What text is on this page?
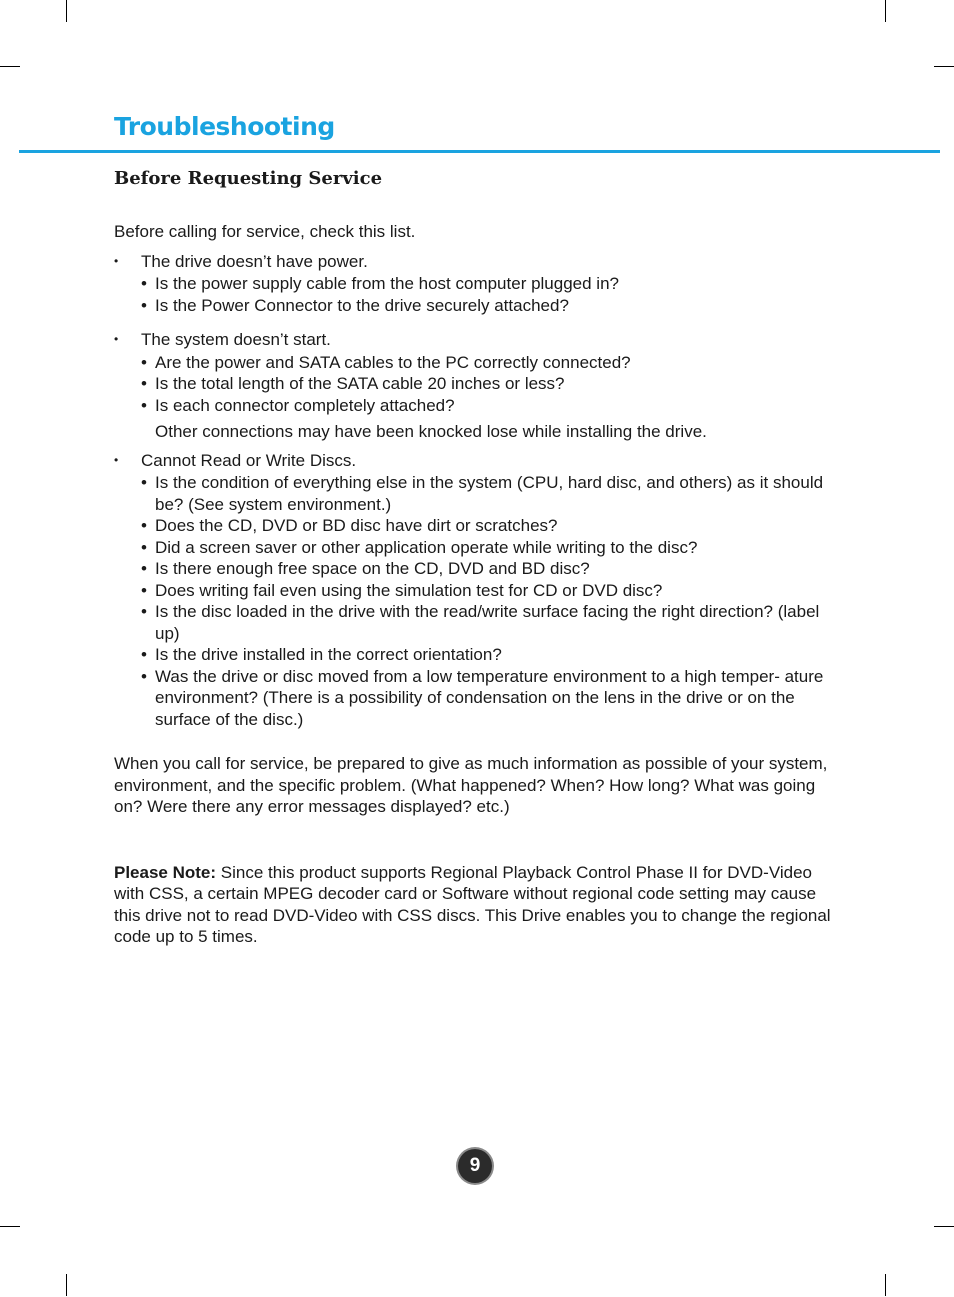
Troubleshooting
Before Requesting Service

Before calling for service, check this list.

• The drive doesn’t have power.

• Is the power supply cable from the host computer plugged in?
• Is the Power Connector to the drive securely attached?
• The system doesn’t start.

• Are the power and SATA cables to the PC correctly connected?
• Is the total length of the SATA cable 20 inches or less?
• Is each connector completely attached?

Other connections may have been knocked lose while installing the drive.

• Cannot Read or Write Discs.

• Is the condition of everything else in the system (CPU, hard disc, and others) as it should be? (See system environment.)
• Does the CD, DVD or BD disc have dirt or scratches?
• Did a screen saver or other application operate while writing to the disc?
• Is there enough free space on the CD, DVD and BD disc?
• Does writing fail even using the simulation test for CD or DVD disc?
• Is the disc loaded in the drive with the read/write surface facing the right direction? (label up)
• Is the drive installed in the correct orientation?
• Was the drive or disc moved from a low temperature environment to a high temper- ature environment? (There is a possibility of condensation on the lens in the drive or on the surface of the disc.)

When you call for service, be prepared to give as much information as possible of your system, environment, and the specific problem. (What happened? When? How long? What was going on? Were there any error messages displayed? etc.)

Please Note: Since this product supports Regional Playback Control Phase II for DVD-Video with CSS, a certain MPEG decoder card or Software without regional code setting may cause this drive not to read DVD-Video with CSS discs. This Drive enables you to change the regional code up to 5 times.

9
